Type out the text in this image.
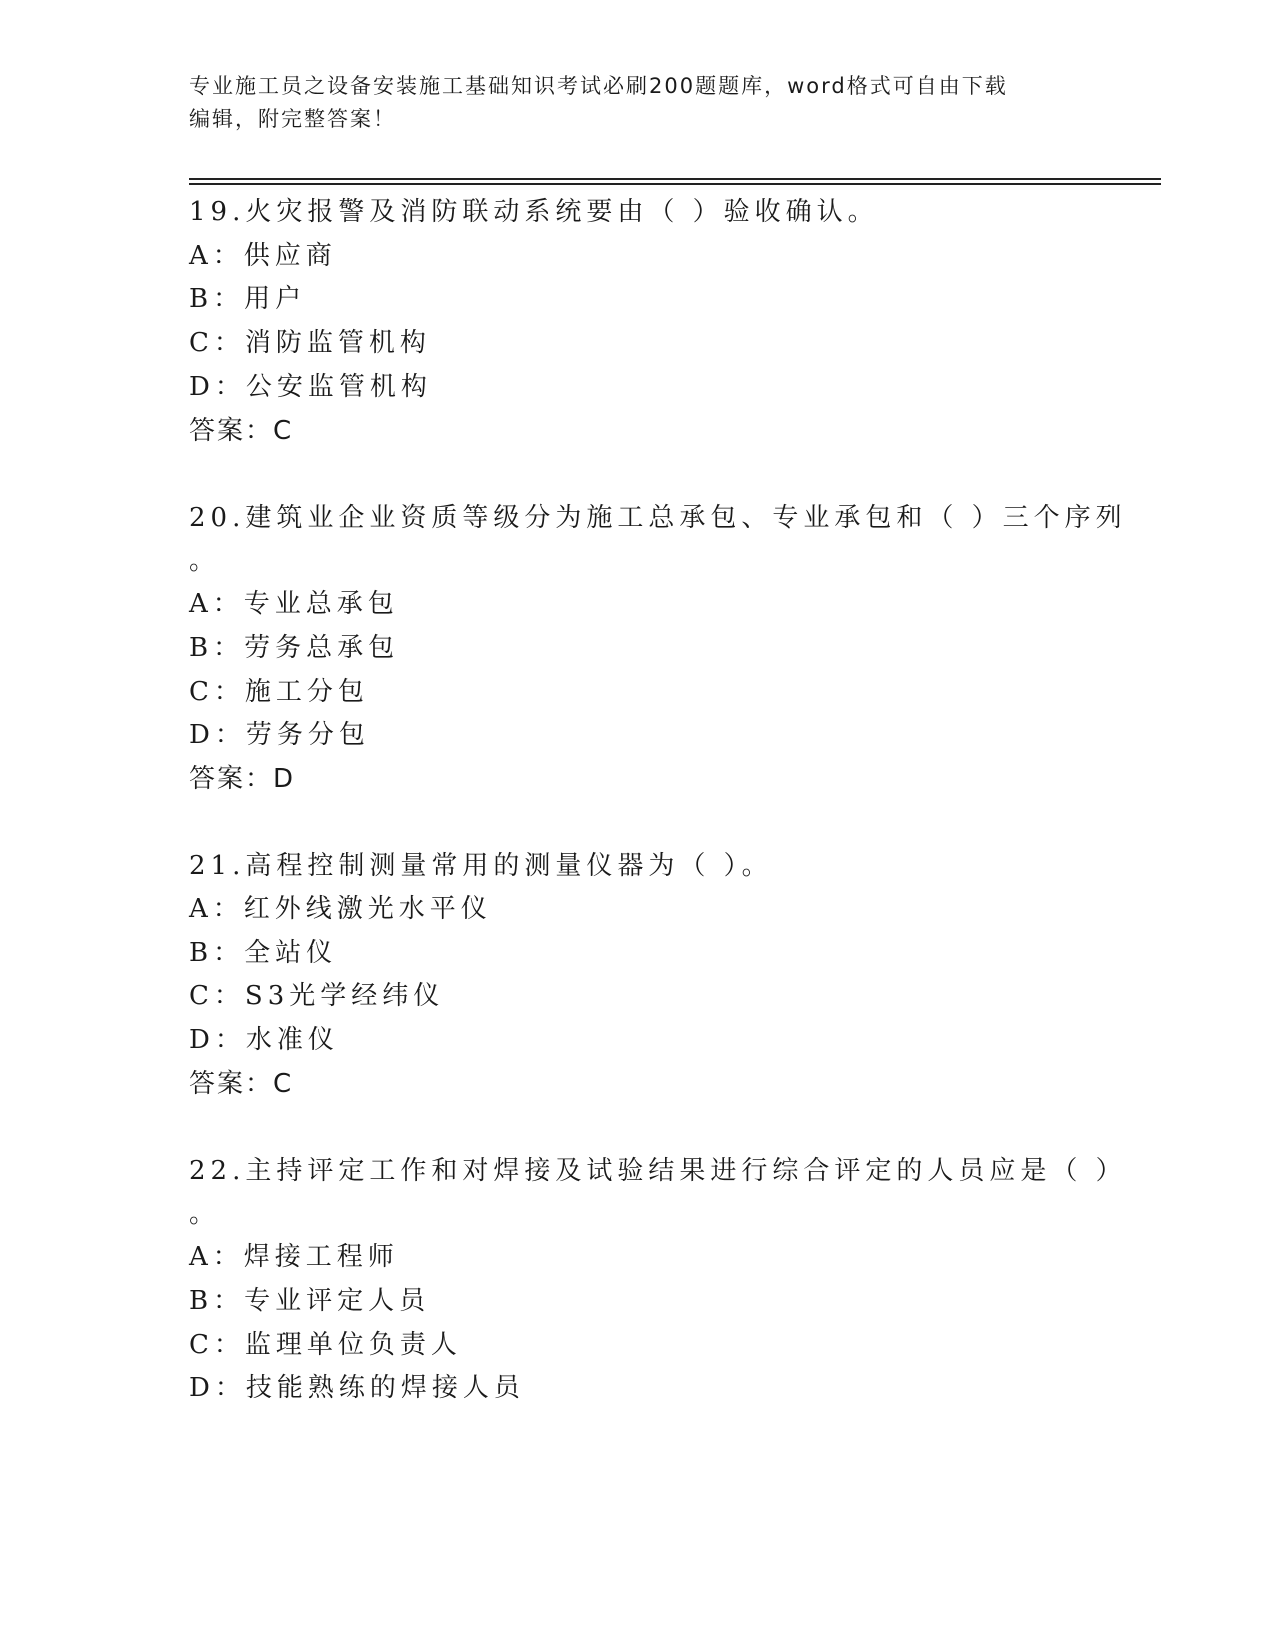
专业施工员之设备安装施工基础知识考试必刷200题题库，word格式可自由下载
编辑，附完整答案！
19.火灾报警及消防联动系统要由（ ）验收确认。
A：供应商
B：用户
C：消防监管机构
D：公安监管机构
答案：C
20.建筑业企业资质等级分为施工总承包、专业承包和（ ）三个序列
。
A：专业总承包
B：劳务总承包
C：施工分包
D：劳务分包
答案：D
21.高程控制测量常用的测量仪器为（ ）。
A：红外线激光水平仪
B：全站仪
C：S3光学经纬仪
D：水准仪
答案：C
22.主持评定工作和对焊接及试验结果进行综合评定的人员应是（ ）
。
A：焊接工程师
B：专业评定人员
C：监理单位负责人
D：技能熟练的焊接人员
